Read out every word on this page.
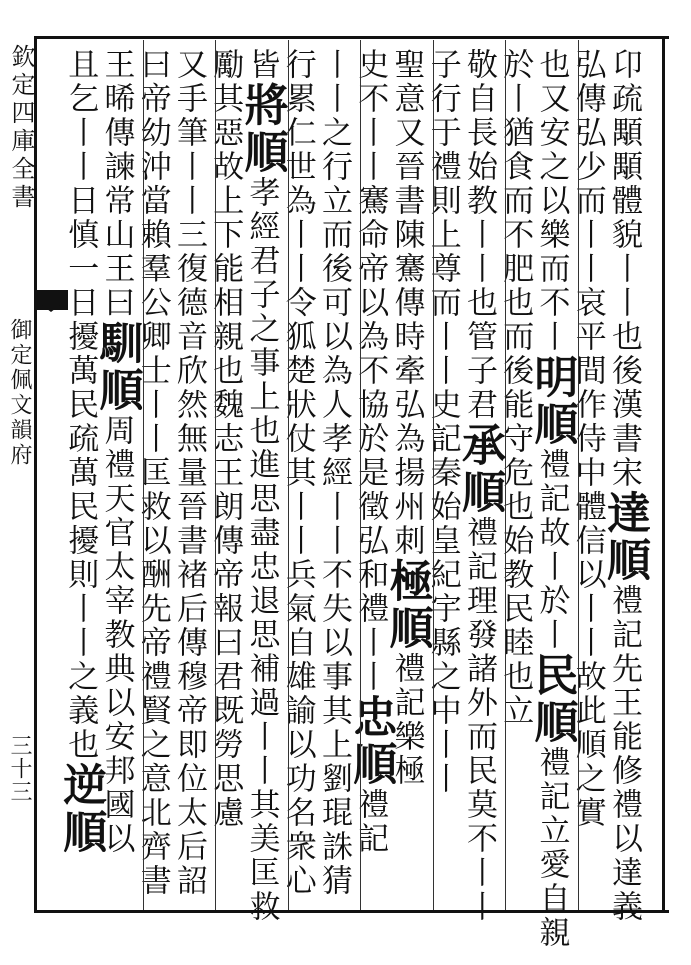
欽定四庫全書
御定佩文韻府
三十三
卬疏顒顒體貌丨丨也後漢書宋達順禮記先王能修禮以達義
弘傳弘少而丨丨哀平間作侍中體信以丨丨故此順之實
也又安之以樂而不丨明順禮記故丨於丨民順禮記立愛自親
於丨猶食而不肥也而後能守危也始教民睦也立
敬自長始教丨丨也管子君承順禮記理發諸外而民莫不丨丨
子行于禮則上尊而丨丨史記秦始皇紀宇縣之中丨丨
聖意又晉書陳騫傳時牽弘為揚州刺極順禮記樂極
史不丨丨騫命帝以為不協於是徵弘和禮丨丨忠順禮記
丨丨之行立而後可以為人孝經丨丨不失以事其上劉琨誅猜
行累仁世為丨丨令狐楚狀仗其丨丨兵氣自雄諭以功名衆心
皆將順孝經君子之事上也進思盡忠退思補過丨丨其美匡救
勵其惡故上下能相親也魏志王朗傳帝報曰君既勞思慮
又手筆丨丨三復德音欣然無量晉書褚后傳穆帝即位太后詔
曰帝幼沖當賴羣公卿士丨丨匡救以酬先帝禮賢之意北齊書
王晞傳諫常山王曰馴順周禮天官太宰教典以安邦國以
且乞丨丨日慎一日擾萬民疏萬民擾則丨丨之義也逆順
